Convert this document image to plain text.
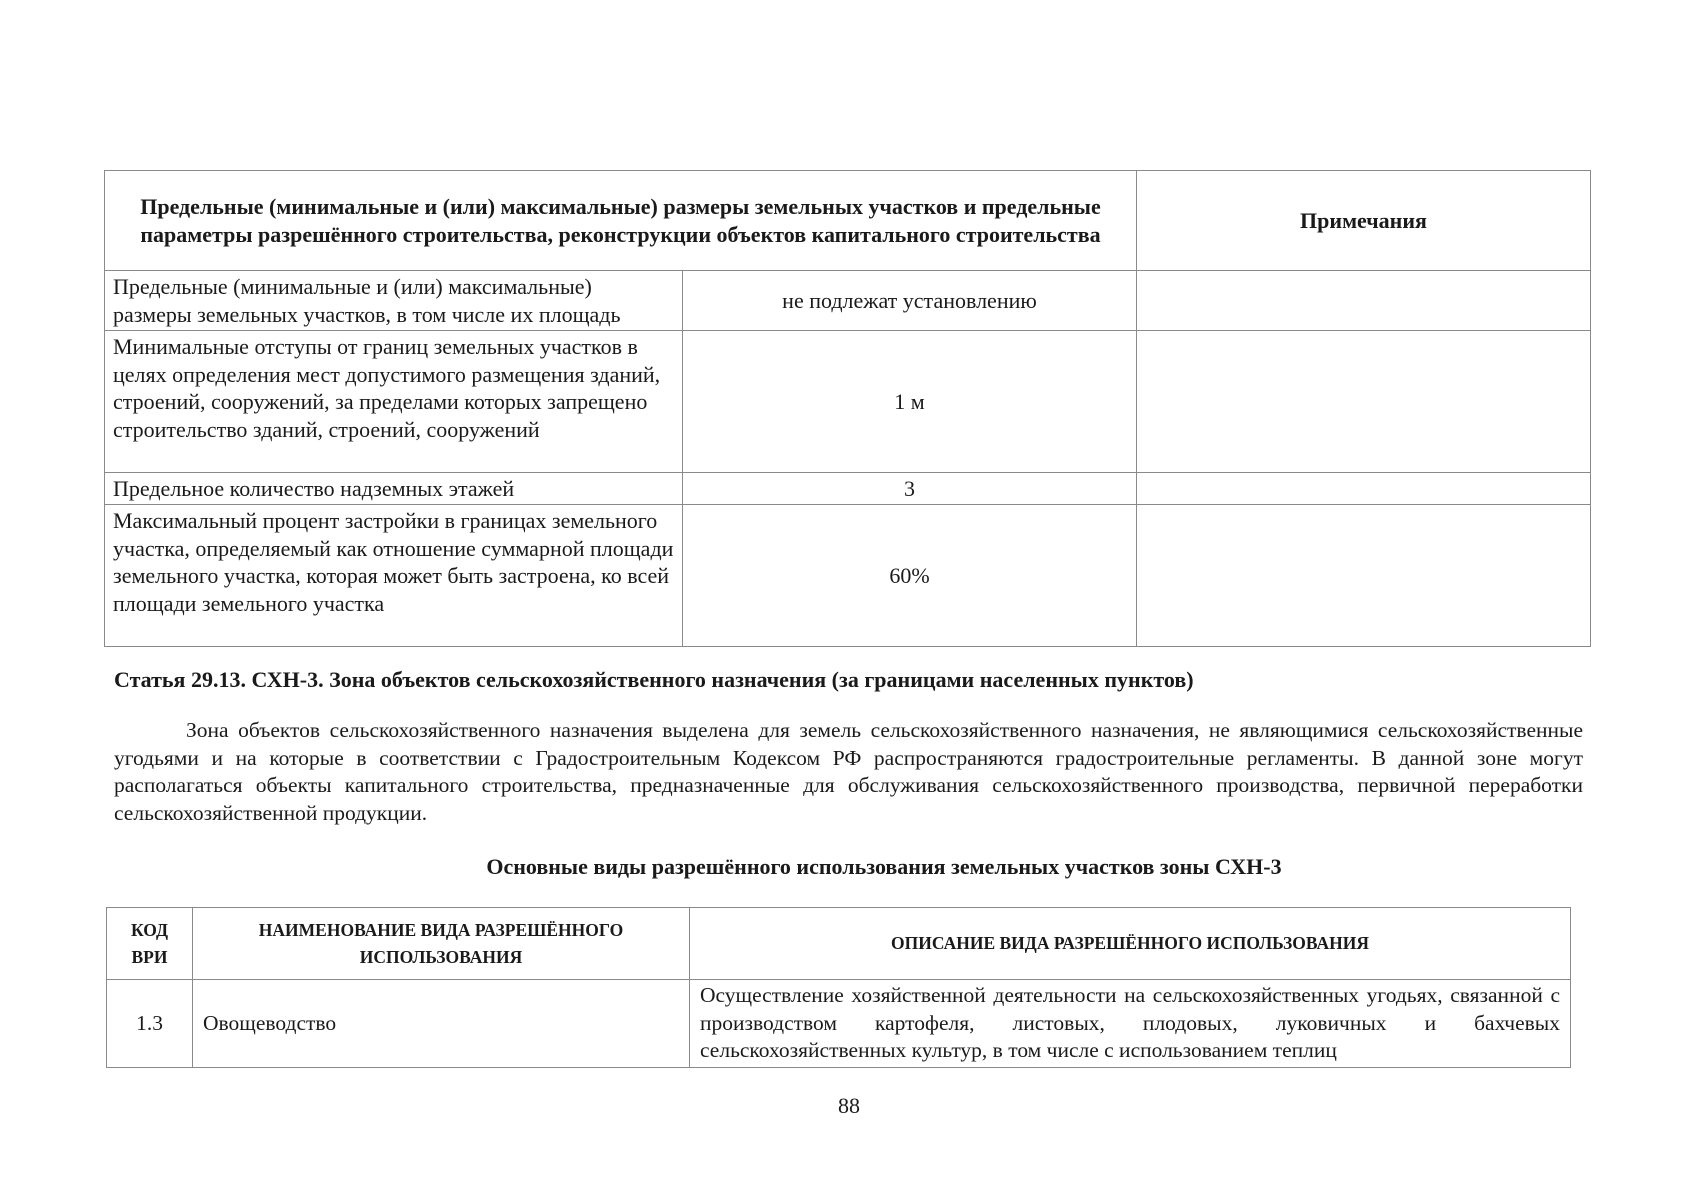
Предельные (минимальные и (или) максимальные) размеры земельных участков и предельные параметры разрешённого строительства, реконструкции объектов капитального строительства		Примечания
Предельные (минимальные и (или) максимальные) размеры земельных участков, в том числе их площадь	не подлежат установлению	
Минимальные отступы от границ земельных участков в целях определения мест допустимого размещения зданий, строений, сооружений, за пределами которых запрещено строительство зданий, строений, сооружений	1 м	
Предельное количество надземных этажей	3	
Максимальный процент застройки в границах земельного участка, определяемый как отношение суммарной площади земельного участка, которая может быть застроена, ко всей площади земельного участка	60%	

Статья 29.13. СХН-3. Зона объектов сельскохозяйственного назначения (за границами населенных пунктов)

Зона объектов сельскохозяйственного назначения выделена для земель сельскохозяйственного назначения, не являющимися сельскохозяйственные угодьями и на которые в соответствии с Градостроительным Кодексом РФ распространяются градостроительные регламенты. В данной зоне могут располагаться объекты капитального строительства, предназначенные для обслуживания сельскохозяйственного производства, первичной переработки сельскохозяйственной продукции.

Основные виды разрешённого использования земельных участков зоны СХН-3

КОД ВРИ	НАИМЕНОВАНИЕ ВИДА РАЗРЕШЁННОГО ИСПОЛЬЗОВАНИЯ	ОПИСАНИЕ ВИДА РАЗРЕШЁННОГО ИСПОЛЬЗОВАНИЯ
1.3	Овощеводство	Осуществление хозяйственной деятельности на сельскохозяйственных угодьях, связанной с производством картофеля, листовых, плодовых, луковичных и бахчевых сельскохозяйственных культур, в том числе с использованием теплиц

88
